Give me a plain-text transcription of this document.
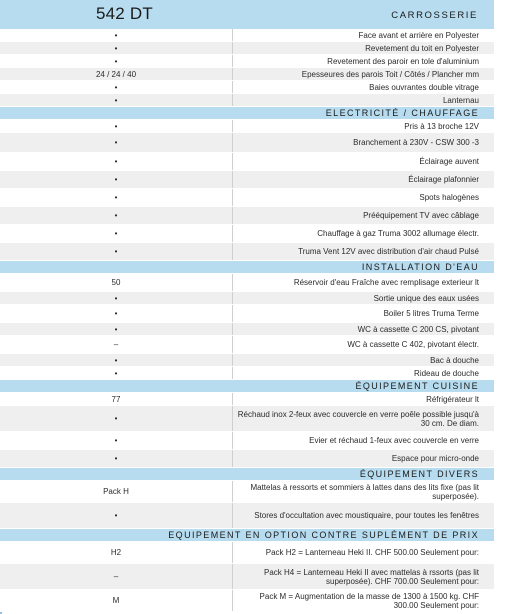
542 DT	CARROSSERIE
•	Face avant et arrière en Polyester
•	Revetement du toit en Polyester
•	Revetement des paroir en tole d'aluminium
24 / 24 / 40	Epesseures des parois Toit / Côtés / Plancher mm
•	Baies ouvrantes double vitrage
•	Lanternau
ELECTRICITÉ / CHAUFFAGE
•	Pris à 13 broche 12V
•	Branchement à 230V - CSW 300 -3
•	Éclairage auvent
•	Éclairage plafonnier
•	Spots halogènes
•	Prééquipement TV avec câblage
•	Chauffage à gaz Truma 3002 allumage électr.
•	Truma Vent 12V avec distribution d'air chaud Pulsé
INSTALLATION D'EAU
50	Réservoir d'eau Fraîche avec remplisage exterieur lt
•	Sortie unique des eaux usées
•	Boiler 5 litres Truma Terme
•	WC à cassette C 200 CS, pivotant
–	WC à cassette C 402, pivotant électr.
•	Bac à douche
•	Rideau de douche
ÉQUIPEMENT CUISINE
77	Réfrigérateur lt
•	Réchaud inox 2-feux avec couvercle en verre poêle possible jusqu'à 30 cm. De diam.
•	Evier et réchaud 1-feux avec couvercle en verre
•	Espace pour micro-onde
ÉQUIPEMENT DIVERS
Pack H	Mattelas à ressorts et sommiers à lattes dans des lits fixe (pas lit superposée).
•	Stores d'occultation avec moustiquaire, pour toutes les fenêtres
EQUIPEMENT EN OPTION CONTRE SUPLÉMENT DE PRIX
H2	Pack H2 = Lanterneau Heki II. CHF 500.00 Seulement pour:
–	Pack H4 = Lanterneau Heki II avec mattelas à rssorts (pas lit superposée). CHF 700.00 Seulement pour:
M	Pack M = Augmentation de la masse de 1300 à 1500 kg. CHF 300.00 Seulement pour:
